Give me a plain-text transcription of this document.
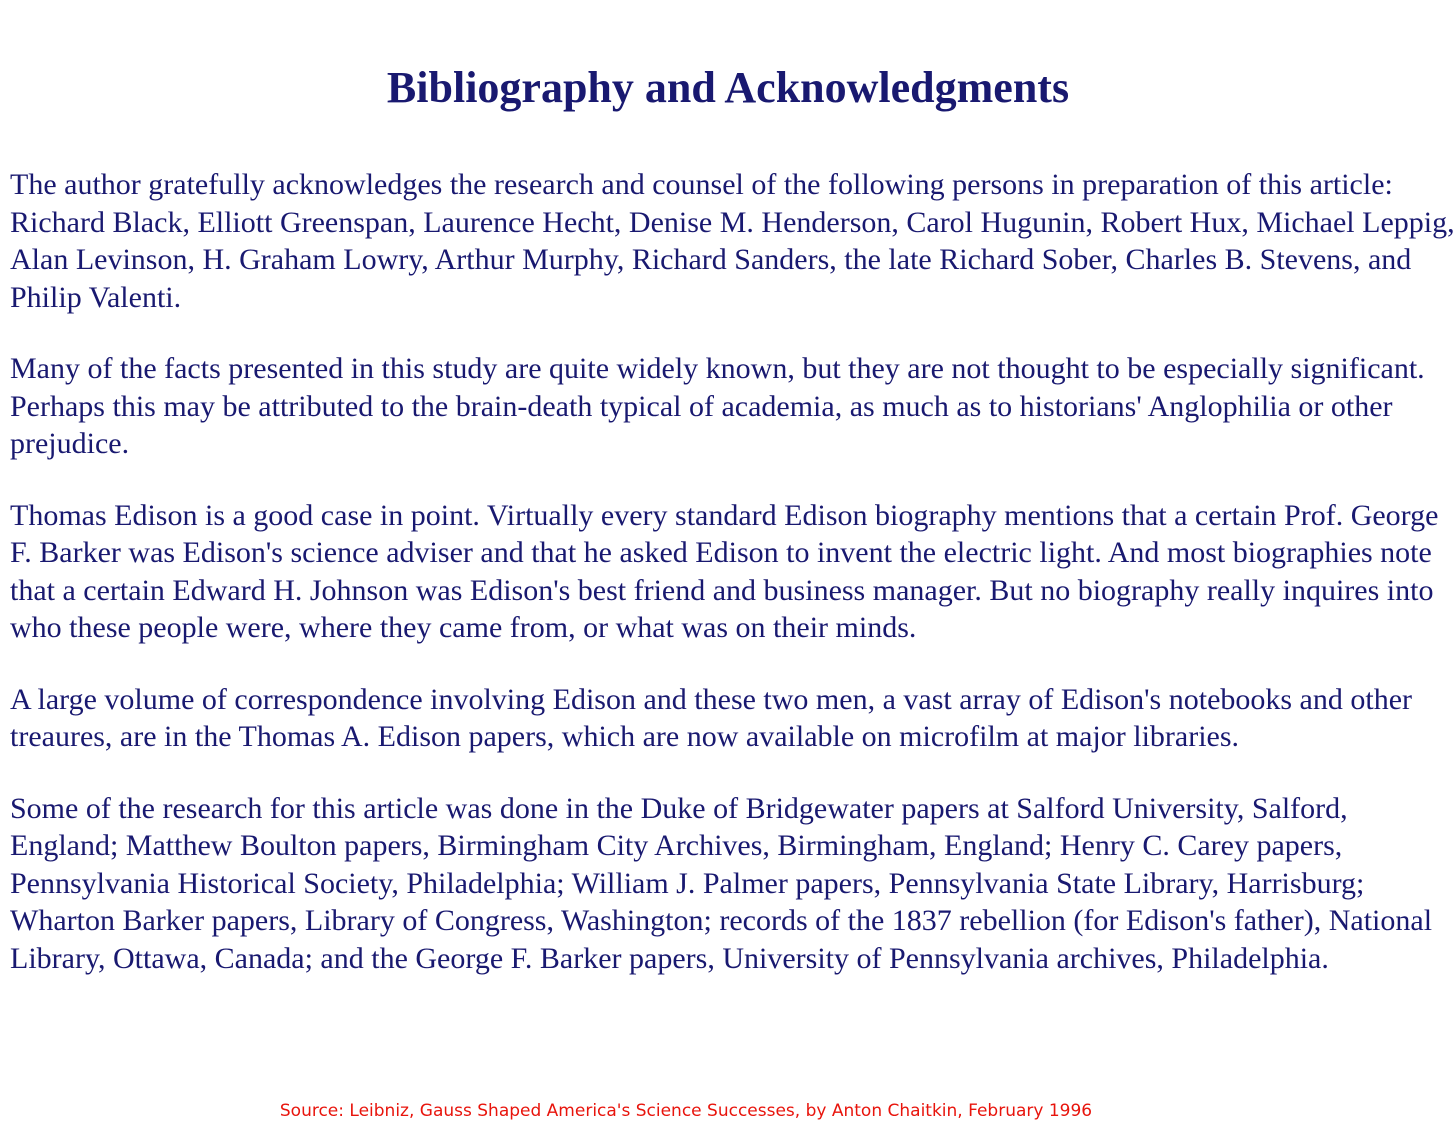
Bibliography and Acknowledgments

The author gratefully acknowledges the research and counsel of the following persons in preparation of this article: Richard Black, Elliott Greenspan, Laurence Hecht, Denise M. Henderson, Carol Hugunin, Robert Hux, Michael Leppig, Alan Levinson, H. Graham Lowry, Arthur Murphy, Richard Sanders, the late Richard Sober, Charles B. Stevens, and Philip Valenti.

Many of the facts presented in this study are quite widely known, but they are not thought to be especially significant. Perhaps this may be attributed to the brain-death typical of academia, as much as to historians' Anglophilia or other prejudice.

Thomas Edison is a good case in point. Virtually every standard Edison biography mentions that a certain Prof. George F. Barker was Edison's science adviser and that he asked Edison to invent the electric light. And most biographies note that a certain Edward H. Johnson was Edison's best friend and business manager. But no biography really inquires into who these people were, where they came from, or what was on their minds.

A large volume of correspondence involving Edison and these two men, a vast array of Edison's notebooks and other treaures, are in the Thomas A. Edison papers, which are now available on microfilm at major libraries.

Some of the research for this article was done in the Duke of Bridgewater papers at Salford University, Salford, England; Matthew Boulton papers, Birmingham City Archives, Birmingham, England; Henry C. Carey papers, Pennsylvania Historical Society, Philadelphia; William J. Palmer papers, Pennsylvania State Library, Harrisburg; Wharton Barker papers, Library of Congress, Washington; records of the 1837 rebellion (for Edison's father), National Library, Ottawa, Canada; and the George F. Barker papers, University of Pennsylvania archives, Philadelphia.

Source: Leibniz, Gauss Shaped America's Science Successes, by Anton Chaitkin, February 1996
